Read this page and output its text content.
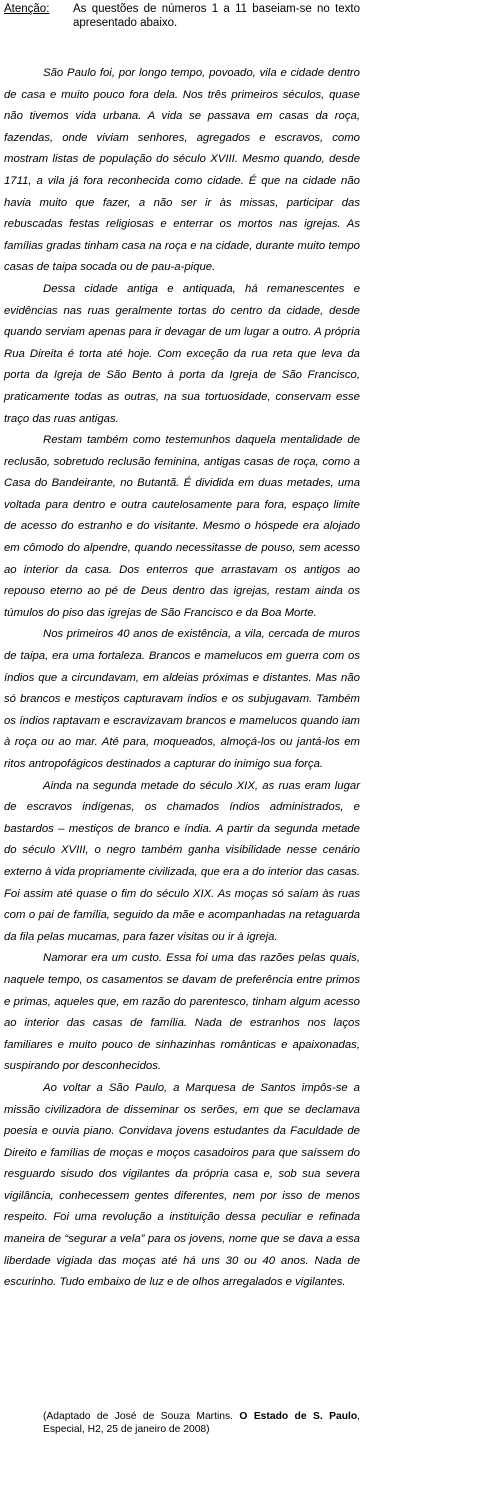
Atenção: As questões de números 1 a 11 baseiam-se no texto apresentado abaixo.

São Paulo foi, por longo tempo, povoado, vila e cidade dentro de casa e muito pouco fora dela. Nos três primeiros séculos, quase não tivemos vida urbana. A vida se passava em casas da roça, fazendas, onde viviam senhores, agregados e escravos, como mostram listas de população do século XVIII. Mesmo quando, desde 1711, a vila já fora reconhecida como cidade. É que na cidade não havia muito que fazer, a não ser ir às missas, participar das rebuscadas festas religiosas e enterrar os mortos nas igrejas. As famílias gradas tinham casa na roça e na cidade, durante muito tempo casas de taipa socada ou de pau-a-pique.

Dessa cidade antiga e antiquada, há remanescentes e evidências nas ruas geralmente tortas do centro da cidade, desde quando serviam apenas para ir devagar de um lugar a outro. A própria Rua Direita é torta até hoje. Com exceção da rua reta que leva da porta da Igreja de São Bento à porta da Igreja de São Francisco, praticamente todas as outras, na sua tortuosidade, conservam esse traço das ruas antigas.

Restam também como testemunhos daquela mentalidade de reclusão, sobretudo reclusão feminina, antigas casas de roça, como a Casa do Bandeirante, no Butantã. É dividida em duas metades, uma voltada para dentro e outra cautelosamente para fora, espaço limite de acesso do estranho e do visitante. Mesmo o hóspede era alojado em cômodo do alpendre, quando necessitasse de pouso, sem acesso ao interior da casa. Dos enterros que arrastavam os antigos ao repouso eterno ao pé de Deus dentro das igrejas, restam ainda os túmulos do piso das igrejas de São Francisco e da Boa Morte.

Nos primeiros 40 anos de existência, a vila, cercada de muros de taipa, era uma fortaleza. Brancos e mamelucos em guerra com os índios que a circundavam, em aldeias próximas e distantes. Mas não só brancos e mestiços capturavam índios e os subjugavam. Também os índios raptavam e escravizavam brancos e mamelucos quando iam à roça ou ao mar. Até para, moqueados, almoçá-los ou jantá-los em ritos antropofágicos destinados a capturar do inimigo sua força.

Ainda na segunda metade do século XIX, as ruas eram lugar de escravos indígenas, os chamados índios administrados, e bastardos – mestiços de branco e índia. A partir da segunda metade do século XVIII, o negro também ganha visibilidade nesse cenário externo à vida propriamente civilizada, que era a do interior das casas. Foi assim até quase o fim do século XIX. As moças só saíam às ruas com o pai de família, seguido da mãe e acompanhadas na retaguarda da fila pelas mucamas, para fazer visitas ou ir à igreja.

Namorar era um custo. Essa foi uma das razões pelas quais, naquele tempo, os casamentos se davam de preferência entre primos e primas, aqueles que, em razão do parentesco, tinham algum acesso ao interior das casas de família. Nada de estranhos nos laços familiares e muito pouco de sinhazinhas românticas e apaixonadas, suspirando por desconhecidos.

Ao voltar a São Paulo, a Marquesa de Santos impôs-se a missão civilizadora de disseminar os serões, em que se declamava poesia e ouvia piano. Convidava jovens estudantes da Faculdade de Direito e famílias de moças e moços casadoiros para que saíssem do resguardo sisudo dos vigilantes da própria casa e, sob sua severa vigilância, conhecessem gentes diferentes, nem por isso de menos respeito. Foi uma revolução a instituição dessa peculiar e refinada maneira de “segurar a vela” para os jovens, nome que se dava a essa liberdade vigiada das moças até há uns 30 ou 40 anos. Nada de escurinho. Tudo embaixo de luz e de olhos arregalados e vigilantes.

(Adaptado de José de Souza Martins. O Estado de S. Paulo, Especial, H2, 25 de janeiro de 2008)
